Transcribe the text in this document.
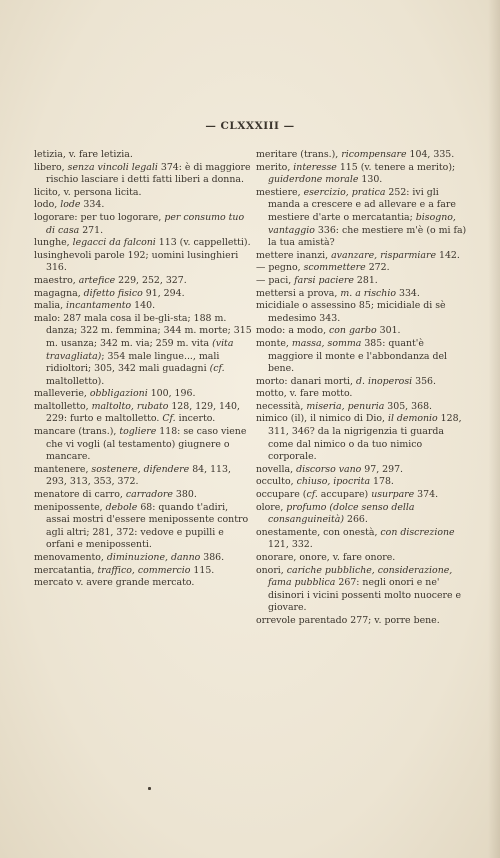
— CLXXXIII —

letizia, v. fare letizia.

libero, senza vincoli legali 374: è di maggiore rischio lasciare i detti fatti liberi a donna.

licito, v. persona licita.

lodo, lode 334.

logorare: per tuo logorare, per consumo tuo di casa 271.

lunghe, legacci da falconi 113 (v. cappelletti).

lusinghevoli parole 192; uomini lusinghieri 316.

maestro, artefice 229, 252, 327.

magagna, difetto fisico 91, 294.

malia, incantamento 140.

malo: 287 mala cosa il be-gli-sta; 188 m. danza; 322 m. femmina; 344 m. morte; 315 m. usanza; 342 m. via; 259 m. vita (vita travagliata); 354 male lingue..., mali ridioltori; 305, 342 mali guadagni (cf. maltolletto).

malleverie, obbligazioni 100, 196.

maltolletto, maltolto, rubato 128, 129, 140, 229: furto e maltolletto. Cf. incerto.

mancare (trans.), togliere 118: se caso viene che vi vogli (al testamento) giugnere o mancare.

mantenere, sostenere, difendere 84, 113, 293, 313, 353, 372.

menatore di carro, carradore 380.

menipossente, debole 68: quando t'adiri, assai mostri d'essere menipossente contro agli altri; 281, 372: vedove e pupilli e orfani e menipossenti.

menovamento, diminuzione, danno 386.

mercatantia, traffico, commercio 115.

mercato v. avere grande mercato.

meritare (trans.), ricompensare 104, 335.

merito, interesse 115 (v. tenere a merito); guiderdone morale 130.

mestiere, esercizio, pratica 252: ivi gli manda a crescere e ad allevare e a fare mestiere d'arte o mercatantia; bisogno, vantaggio 336: che mestiere m'è (o mi fa) la tua amistà?

mettere inanzi, avanzare, risparmiare 142.

— pegno, scommettere 272.

— paci, farsi paciere 281.

mettersi a prova, m. a rischio 334.

micidiale o assessino 85; micidiale di sè medesimo 343.

modo: a modo, con garbo 301.

monte, massa, somma 385: quant'è maggiore il monte e l'abbondanza del bene.

morto: danari morti, d. inoperosi 356.

motto, v. fare motto.

necessità, miseria, penuria 305, 368.

nimico (il), il nimico di Dio, il demonio 128, 311, 346? da la nigrigenzia ti guarda come dal nimico o da tuo nimico corporale.

novella, discorso vano 97, 297.

occulto, chiuso, ipocrita 178.

occupare (cf. accupare) usurpare 374.

olore, profumo (dolce senso della consanguineità) 266.

onestamente, con onestà, con discrezione 121, 332.

onorare, onore, v. fare onore.

onori, cariche pubbliche, considerazione, fama pubblica 267: negli onori e ne' disinori i vicini possenti molto nuocere e giovare.

orrevole parentado 277; v. porre bene.
